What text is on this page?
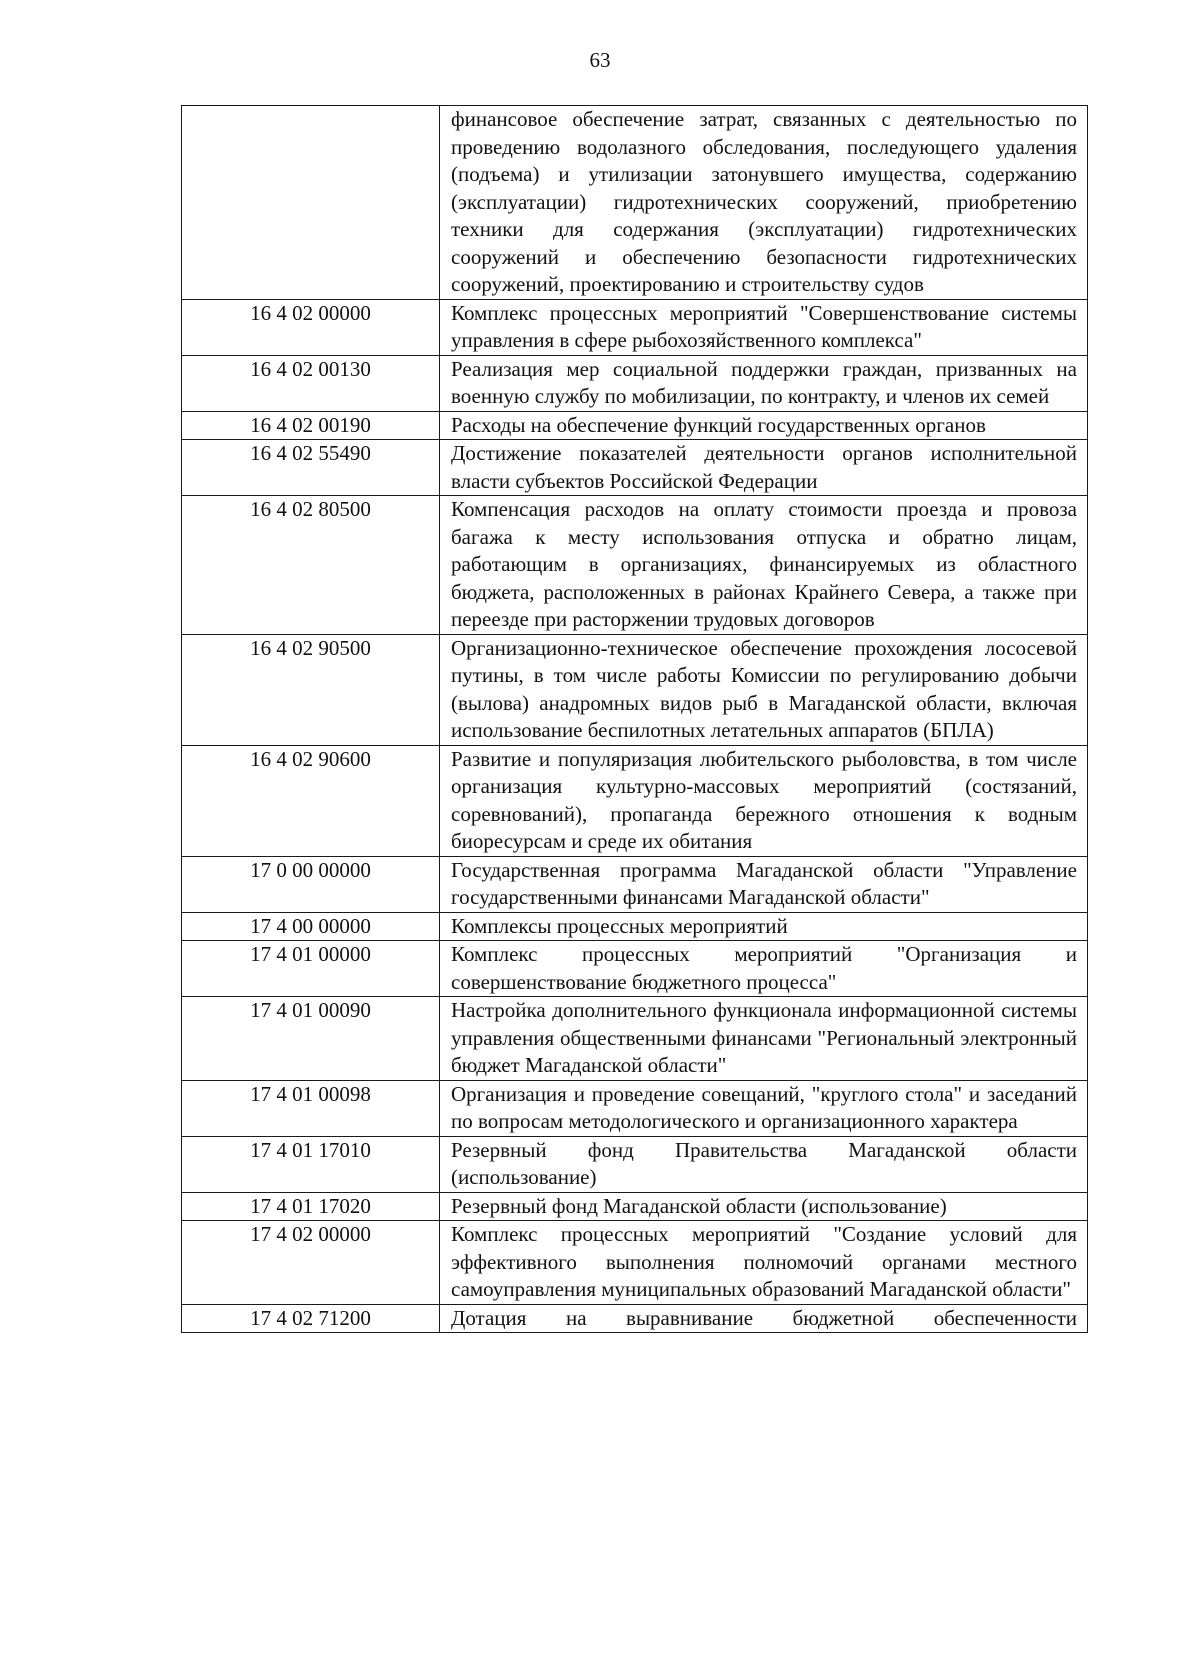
63
	финансовое обеспечение затрат, связанных с деятельностью по проведению водолазного обследования, последующего удаления (подъема) и утилизации затонувшего имущества, содержанию (эксплуатации) гидротехнических сооружений, приобретению техники для содержания (эксплуатации) гидротехнических сооружений и обеспечению безопасности гидротехнических сооружений, проектированию и строительству судов
16 4 02 00000	Комплекс процессных мероприятий "Совершенствование системы управления в сфере рыбохозяйственного комплекса"
16 4 02 00130	Реализация мер социальной поддержки граждан, призванных на военную службу по мобилизации, по контракту, и членов их семей
16 4 02 00190	Расходы на обеспечение функций государственных органов
16 4 02 55490	Достижение показателей деятельности органов исполнительной власти субъектов Российской Федерации
16 4 02 80500	Компенсация расходов на оплату стоимости проезда и провоза багажа к месту использования отпуска и обратно лицам, работающим в организациях, финансируемых из областного бюджета, расположенных в районах Крайнего Севера, а также при переезде при расторжении трудовых договоров
16 4 02 90500	Организационно-техническое обеспечение прохождения лососевой путины, в том числе работы Комиссии по регулированию добычи (вылова) анадромных видов рыб в Магаданской области, включая использование беспилотных летательных аппаратов (БПЛА)
16 4 02 90600	Развитие и популяризация любительского рыболовства, в том числе организация культурно-массовых мероприятий (состязаний, соревнований), пропаганда бережного отношения к водным биоресурсам и среде их обитания
17 0 00 00000	Государственная программа Магаданской области "Управление государственными финансами Магаданской области"
17 4 00 00000	Комплексы процессных мероприятий
17 4 01 00000	Комплекс процессных мероприятий "Организация и совершенствование бюджетного процесса"
17 4 01 00090	Настройка дополнительного функционала информационной системы управления общественными финансами "Региональный электронный бюджет Магаданской области"
17 4 01 00098	Организация и проведение совещаний, "круглого стола" и заседаний по вопросам методологического и организационного характера
17 4 01 17010	Резервный фонд Правительства Магаданской области (использование)
17 4 01 17020	Резервный фонд Магаданской области (использование)
17 4 02 00000	Комплекс процессных мероприятий "Создание условий для эффективного выполнения полномочий органами местного самоуправления муниципальных образований Магаданской области"
17 4 02 71200	Дотация на выравнивание бюджетной обеспеченности
